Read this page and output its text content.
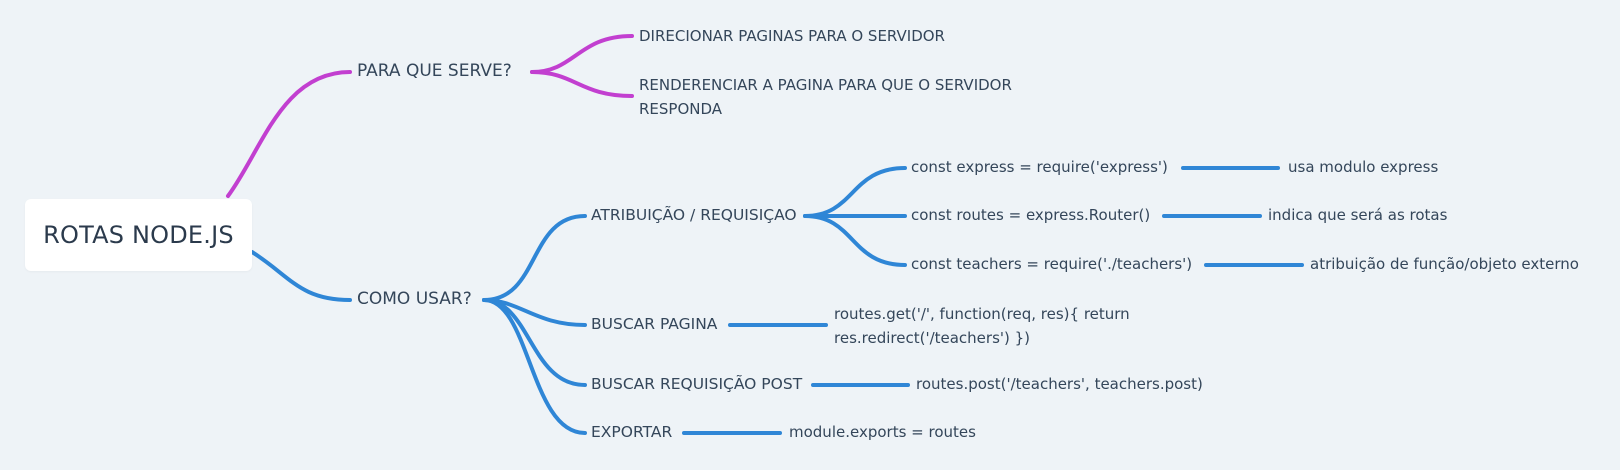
ROTAS NODE.JS
PARA QUE SERVE?
DIRECIONAR PAGINAS PARA O SERVIDOR
RENDERENCIAR A PAGINA PARA QUE O SERVIDOR RESPONDA
COMO USAR?
ATRIBUIÇÃO / REQUISIÇAO
const express = require('express')	usa modulo express
const routes = express.Router()	indica que será as rotas
const teachers = require('./teachers')	atribuição de função/objeto externo
BUSCAR PAGINA
routes.get('/', function(req, res){ return res.redirect('/teachers') })
BUSCAR REQUISIÇÃO POST	routes.post('/teachers', teachers.post)
EXPORTAR	module.exports = routes
